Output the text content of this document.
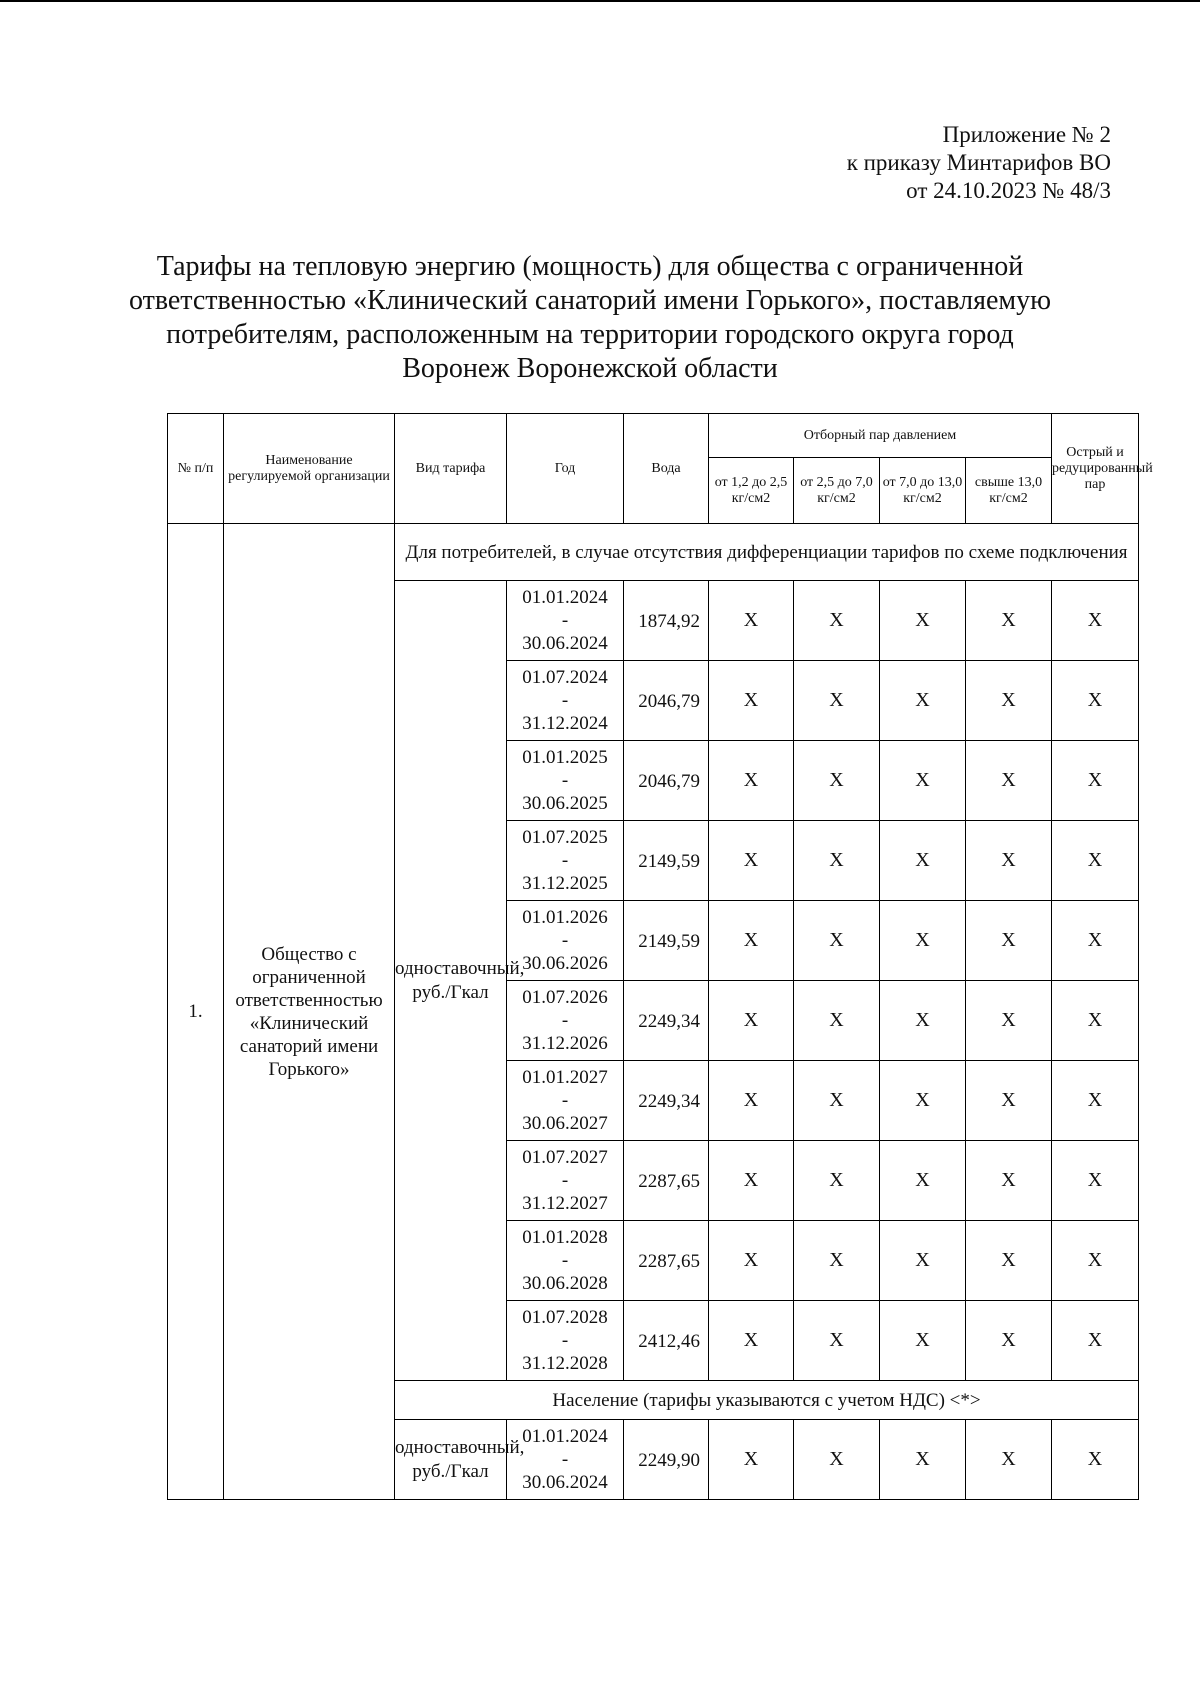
Приложение № 2
к приказу Минтарифов ВО
от 24.10.2023 № 48/3
Тарифы на тепловую энергию (мощность) для общества с ограниченной
ответственностью «Клинический санаторий имени Горького», поставляемую
потребителям, расположенным на территории городского округа город
Воронеж Воронежской области
№ п/п	Наименование регулируемой организации	Вид тарифа	Год	Вода	Отборный пар давлением				Острый и редуцированный пар
					от 1,2 до 2,5 кг/см2	от 2,5 до 7,0 кг/см2	от 7,0 до 13,0 кг/см2	свыше 13,0 кг/см2	
1.	Общество с ограниченной ответственностью «Клинический санаторий имени Горького»	Для потребителей, в случае отсутствия дифференциации тарифов по схеме подключения							
		одноставочный, руб./Гкал	01.01.2024
-
30.06.2024	1874,92	X	X	X	X	X

			01.07.2024
-
31.12.2024	2046,79	X	X	X	X	X

			01.01.2025
-
30.06.2025	2046,79	X	X	X	X	X

			01.07.2025
-
31.12.2025	2149,59	X	X	X	X	X

			01.01.2026
-
30.06.2026	2149,59	X	X	X	X	X

			01.07.2026
-
31.12.2026	2249,34	X	X	X	X	X

			01.01.2027
-
30.06.2027	2249,34	X	X	X	X	X

			01.07.2027
-
31.12.2027	2287,65	X	X	X	X	X

			01.01.2028
-
30.06.2028	2287,65	X	X	X	X	X

			01.07.2028
-
31.12.2028	2412,46	X	X	X	X	X
		Население (тарифы указываются с учетом НДС) <*>							
		одноставочный, руб./Гкал	01.01.2024
-
30.06.2024	2249,90	X	X	X	X	X
